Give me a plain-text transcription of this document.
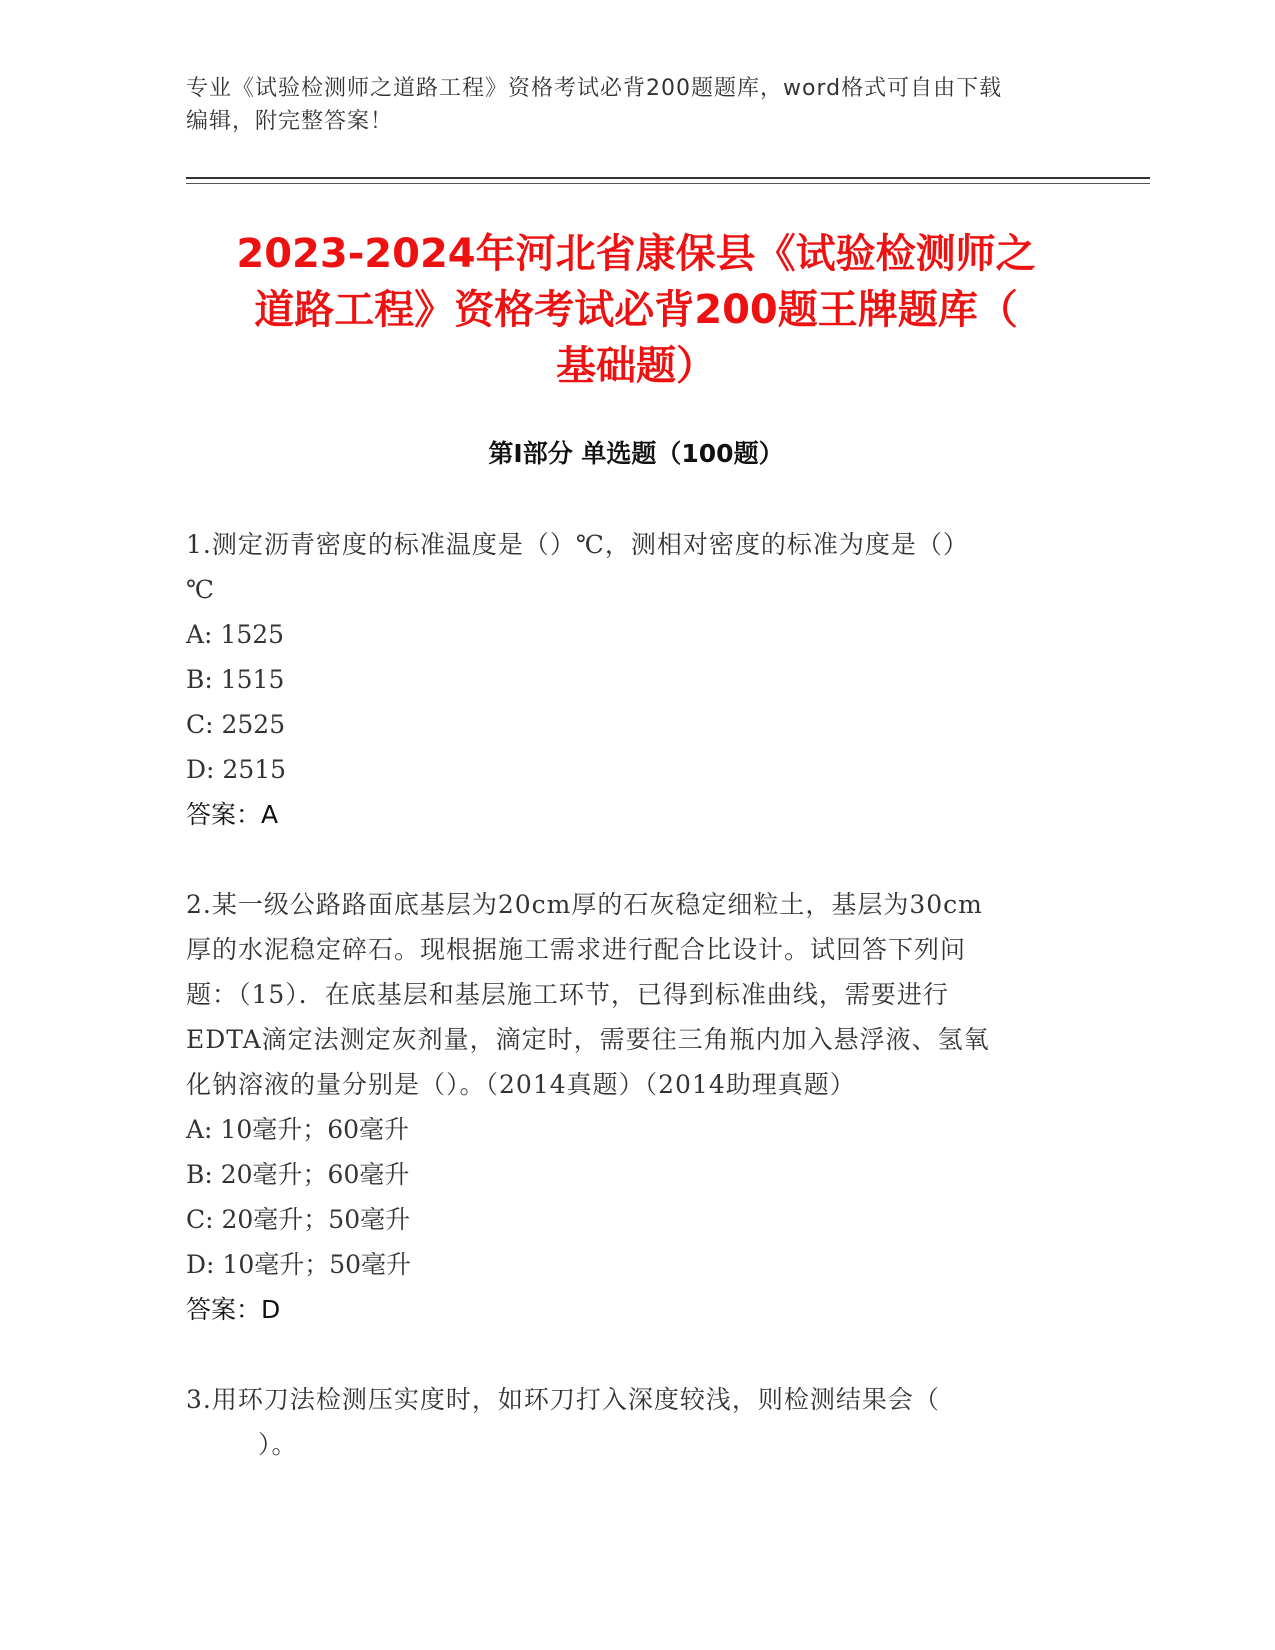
专业《试验检测师之道路工程》资格考试必背200题题库，word格式可自由下载
编辑，附完整答案！
2023-2024年河北省康保县《试验检测师之
道路工程》资格考试必背200题王牌题库（
基础题）
第Ⅰ部分 单选题（100题）

1.测定沥青密度的标准温度是（）℃，测相对密度的标准为度是（）

℃

A: 1525

B: 1515

C: 2525

D: 2515

答案：A

2.某一级公路路面底基层为20cm厚的石灰稳定细粒土，基层为30cm

厚的水泥稳定碎石。现根据施工需求进行配合比设计。试回答下列问

题：（15）．在底基层和基层施工环节，已得到标准曲线，需要进行

EDTA滴定法测定灰剂量，滴定时，需要往三角瓶内加入悬浮液、氢氧

化钠溶液的量分别是（）。（2014真题）（2014助理真题）

A: 10毫升；60毫升

B: 20毫升；60毫升

C: 20毫升；50毫升

D: 10毫升；50毫升

答案：D

3.用环刀法检测压实度时，如环刀打入深度较浅，则检测结果会（

）。
